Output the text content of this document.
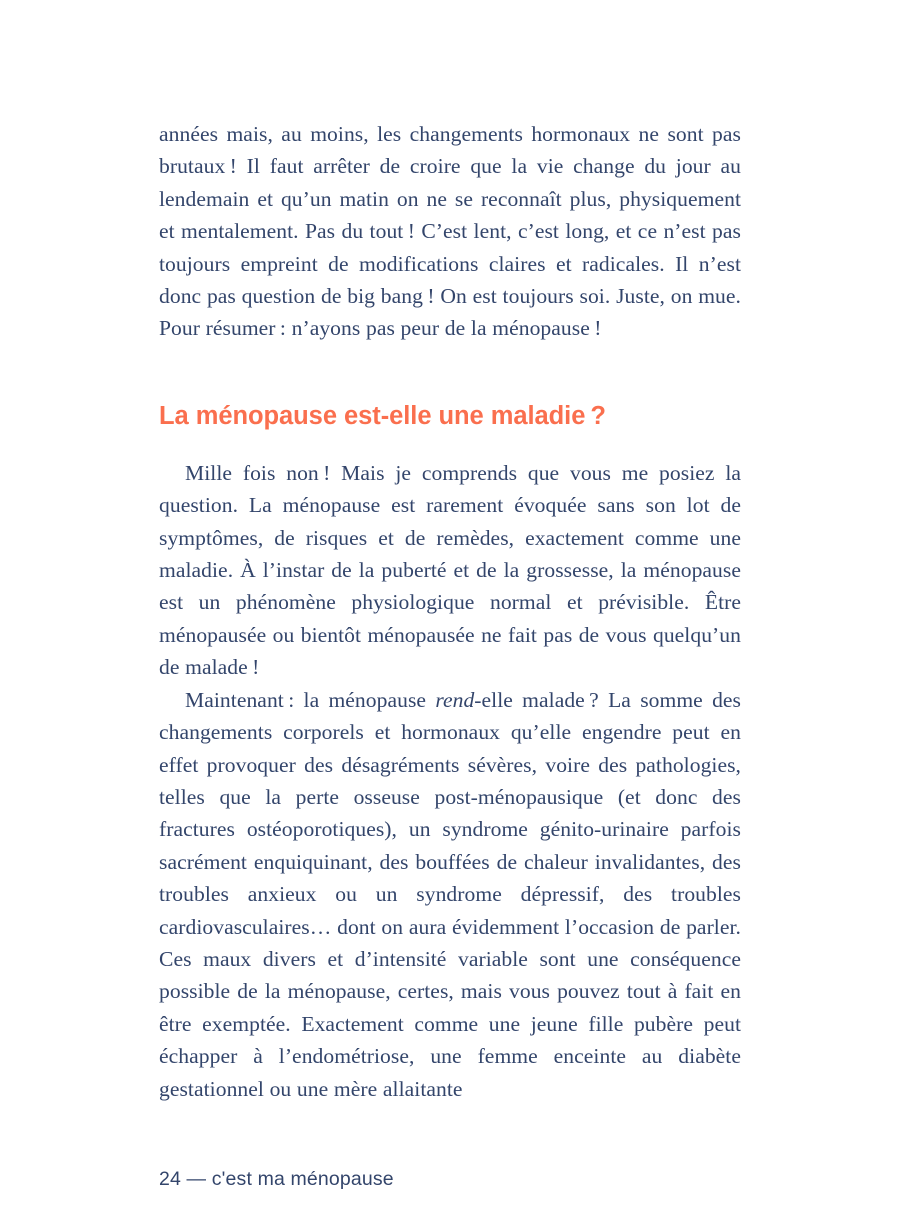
années mais, au moins, les changements hormonaux ne sont pas brutaux ! Il faut arrêter de croire que la vie change du jour au lendemain et qu’un matin on ne se reconnaît plus, physiquement et mentalement. Pas du tout ! C’est lent, c’est long, et ce n’est pas toujours empreint de modifications claires et radicales. Il n’est donc pas question de big bang ! On est toujours soi. Juste, on mue. Pour résumer : n’ayons pas peur de la ménopause !

La ménopause est-elle une maladie ?

Mille fois non ! Mais je comprends que vous me posiez la question. La ménopause est rarement évoquée sans son lot de symptômes, de risques et de remèdes, exactement comme une maladie. À l’instar de la puberté et de la grossesse, la ménopause est un phénomène physiologique normal et prévisible. Être ménopausée ou bientôt ménopausée ne fait pas de vous quelqu’un de malade !

Maintenant : la ménopause rend-elle malade ? La somme des changements corporels et hormonaux qu’elle engendre peut en effet provoquer des désagréments sévères, voire des pathologies, telles que la perte osseuse post-ménopausique (et donc des fractures ostéoporotiques), un syndrome génito-urinaire parfois sacrément enquiquinant, des bouffées de chaleur invalidantes, des troubles anxieux ou un syndrome dépressif, des troubles cardiovasculaires… dont on aura évidemment l’occasion de parler. Ces maux divers et d’intensité variable sont une conséquence possible de la ménopause, certes, mais vous pouvez tout à fait en être exemptée. Exactement comme une jeune fille pubère peut échapper à l’endométriose, une femme enceinte au diabète gestationnel ou une mère allaitante

24 — c'est ma ménopause
